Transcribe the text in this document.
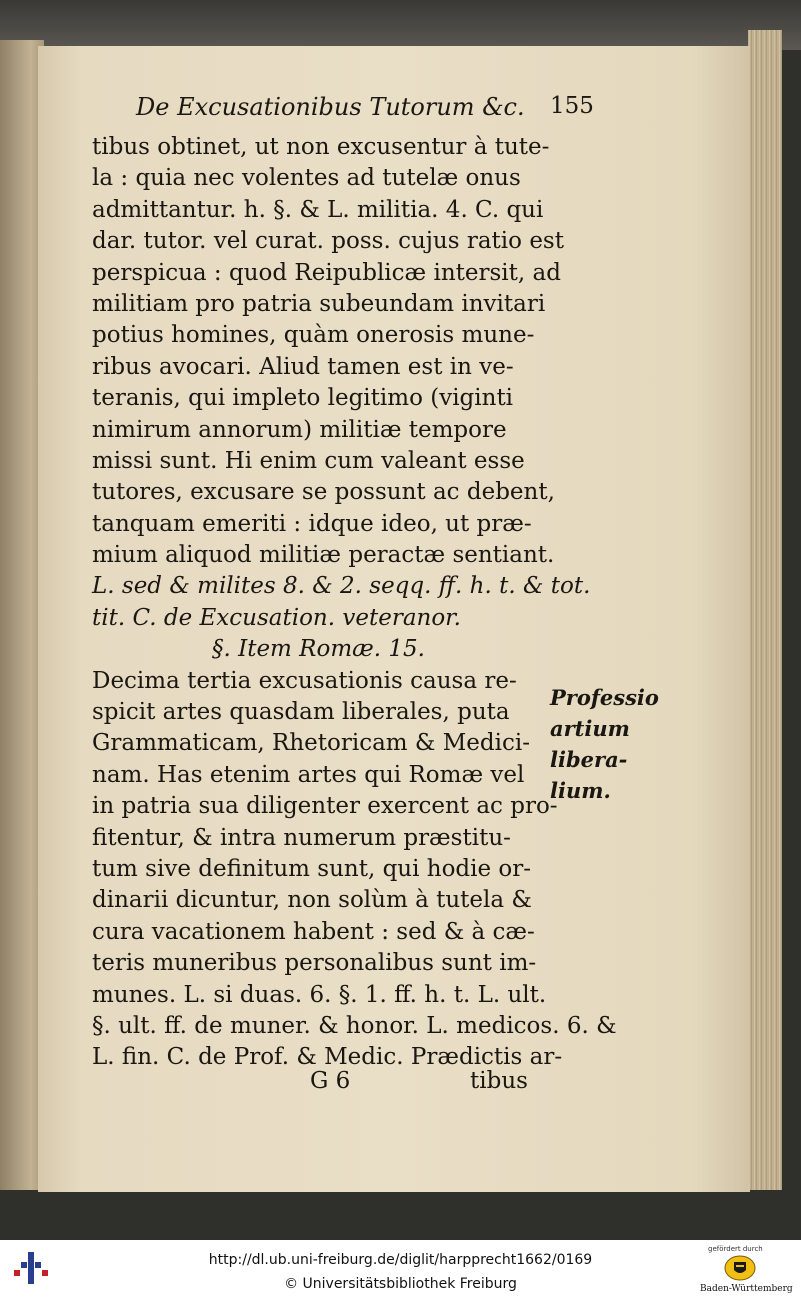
De Excusationibus Tutorum &c. 155
tibus obtinet, ut non excusentur à tute-
la : quia nec volentes ad tutelæ onus
admittantur. h. §. & L. militia. 4. C. qui
dar. tutor. vel curat. poss. cujus ratio est
perspicua : quod Reipublicæ intersit, ad
militiam pro patria subeundam invitari
potius homines, quàm onerosis mune-
ribus avocari. Aliud tamen est in ve-
teranis, qui impleto legitimo (viginti
nimirum annorum) militiæ tempore
missi sunt. Hi enim cum valeant esse
tutores, excusare se possunt ac debent,
tanquam emeriti : idque ideo, ut præ-
mium aliquod militiæ peractæ sentiant.
L. sed & milites 8. & 2. seqq. ff. h. t. & tot.
tit. C. de Excusation. veteranor.
§. Item Romæ. 15.
Decima tertia excusationis causa re-
spicit artes quasdam liberales, puta
Grammaticam, Rhetoricam & Medici-
nam. Has etenim artes qui Romæ vel
in patria sua diligenter exercent ac pro-
fitentur, & intra numerum præstitu-
tum sive definitum sunt, qui hodie or-
dinarii dicuntur, non solùm à tutela &
cura vacationem habent : sed & à cæ-
teris muneribus personalibus sunt im-
munes. L. si duas. 6. §. 1. ff. h. t. L. ult.
§. ult. ff. de muner. & honor. L. medicos. 6. &
L. fin. C. de Prof. & Medic. Prædictis ar-
Professio
artium
libera-
lium.
G 6	tibus
http://dl.ub.uni-freiburg.de/diglit/harpprecht1662/0169
© Universitätsbibliothek Freiburg
gefördert durch
Baden-Württemberg
